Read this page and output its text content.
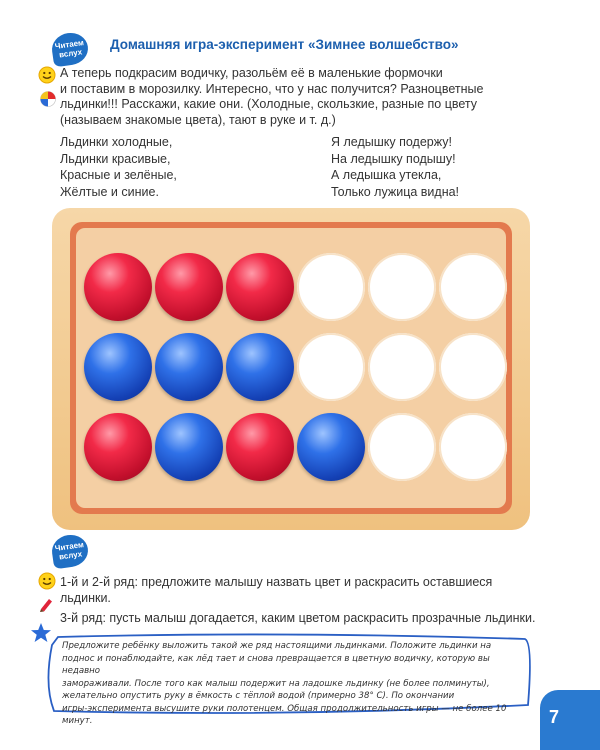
Читаем вслух
Домашняя игра-эксперимент «Зимнее волшебство»
А теперь подкрасим водичку, разольём её в маленькие формочки
и поставим в морозилку. Интересно, что у нас получится? Разноцветные
льдинки!!! Расскажи, какие они. (Холодные, скользкие, разные по цвету
(называем знакомые цвета), тают в руке и т. д.)
Льдинки холодные,
Льдинки красивые,
Красные и зелёные,
Жёлтые и синие.
Я ледышку подержу!
На ледышку подышу!
А ледышка утекла,
Только лужица видна!
Читаем вслух
1-й и 2-й ряд: предложите малышу назвать цвет и раскрасить оставшиеся
льдинки.
3-й ряд: пусть малыш догадается, каким цветом раскрасить прозрачные льдинки.
Предложите ребёнку выложить такой же ряд настоящими льдинками. Положите льдинки на
поднос и понаблюдайте, как лёд тает и снова превращается в цветную водичку, которую вы недавно
замораживали. После того как малыш подержит на ладошке льдинку (не более полминуты),
желательно опустить руку в ёмкость с тёплой водой (примерно 38° С). По окончании
игры-эксперимента высушите руки полотенцем. Общая продолжительность игры — не более 10 минут.	7
